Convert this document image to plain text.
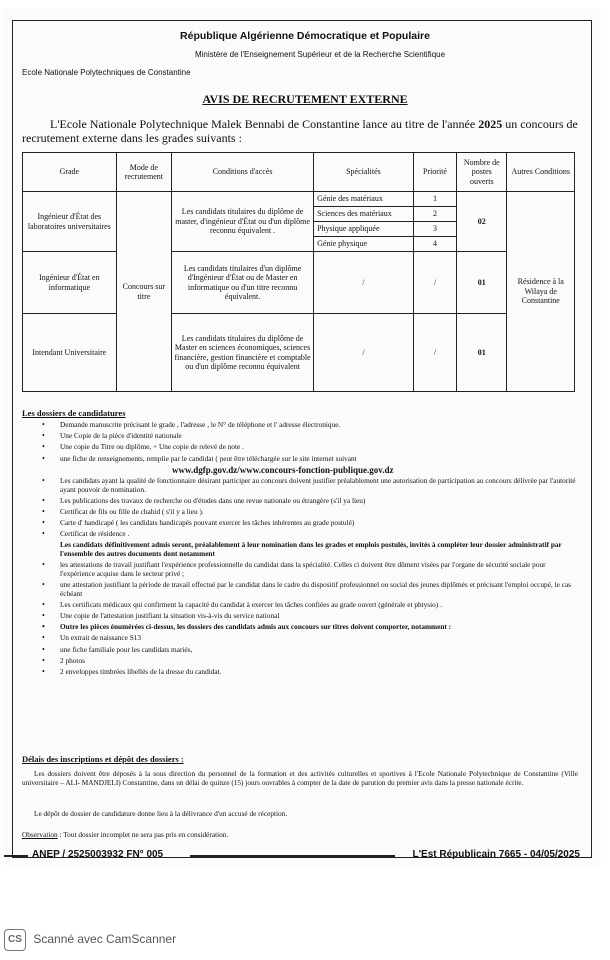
République Algérienne Démocratique et Populaire
Ministère de l'Enseignement Supérieur et de la Recherche Scientifique
Ecole Nationale Polytechniques de Constantine
AVIS DE RECRUTEMENT EXTERNE
L'Ecole Nationale Polytechnique Malek Bennabi de Constantine lance au titre de l'année 2025 un concours de recrutement externe dans les grades suivants :
Grade	Mode de recrutement	Conditions d'accès	Spécialités	Priorité	Nombre de postes ouverts	Autres Conditions
Ingénieur d'État des laboratoires universitaires	Concours sur titre	Les candidats titulaires du diplôme de master, d'ingénieur d'État ou d'un diplôme reconnu équivalent .	Génie des matériaux	1	02	Résidence à la Wilaya de Constantine
			Sciences des matériaux	2		
			Physique appliquée	3		
			Génie physique	4		
Ingénieur d'État en informatique		Les candidats titulaires d'un diplôme d'Ingénieur d'État ou de Master en informatique ou d'un titre reconnu équivalent.	/	/	01	
Intendant Universitaire		Les candidats titulaires du diplôme de Master en sciences économiques, sciences financière, gestion financière et comptable ou d'un diplôme reconnu équivalent	/	/	01	
Les dossiers de candidatures
• Demande manuscrite précisant le grade , l'adresse , le N° de téléphone et l' adresse électronique.
• Une Copie de la pièce d'identité nationale
• Une copie du Titre ou diplôme, + Une copie de relevé de note .
• une fiche de renseignements, remplie par le candidat ( peut être téléchargée sur le site internet suivant
www.dgfp.gov.dz/www.concours-fonction-publique.gov.dz
• Les candidats ayant la qualité de fonctionnaire désirant participer au concours doivent justifier préalablement une autorisation de participation au concours délivrée par l'autorité ayant pouvoir de nomination.
• Les publications des travaux de recherche ou d'études dans une revue nationale ou étrangère (s'il ya lieu)
• Certificat de fils ou fille de chahid ( s'il y a lieu ).
• Carte d' handicapé ( les candidats handicapés pouvant exercer les tâches inhérentes au grade postulé)
• Certificat de résidence .
Les candidats définitivement admis seront, préalablement à leur nomination dans les grades et emplois postulés, invités à compléter leur dossier administratif par l'ensemble des autres documents dont notamment
• les attestations de travail justifiant l'expérience professionnelle du candidat dans la spécialité. Celles ci doivent être dûment visées par l'organe de sécurité sociale pour l'expérience acquise dans le secteur privé ;
• une attestation justifiant la période de travail effectué par le candidat dans le cadre du dispositif professionnel ou social des jeunes diplômés et précisant l'emploi occupé, le cas échéant
• Les certificats médicaux qui confirment la capacité du candidat à exercer les tâches confiées au grade ouvert (générale et phtysio) .
• Une copie de l'attestation justifiant la situation vis-à-vis du service national
• Outre les pièces énumérées ci-dessus, les dossiers des candidats admis aux concours sur titres doivent comporter, notamment :
• Un extrait de naissance S13
• une fiche familiale pour les candidats mariés,
• 2 photos
• 2 enveloppes timbrées libellés de la dresse du candidat.
Délais des inscriptions et dépôt des dossiers :
Les dossiers doivent être déposés à la sous direction du personnel de la formation et des activités culturelles et sportives à l'Ecole Nationale Polytechnique de Constantine (Ville universitaire – ALI- MANDJELI) Constantine, dans un délai de quinze (15) jours ouvrables à compter de la date de parution du premier avis dans la presse nationale écrite.
Le dépôt de dossier de candidature donne lieu à la délivrance d'un accusé de réception.
Observation : Tout dossier incomplet ne sera pas pris en considération.
ANEP / 2525003932 FN° 005	L'Est Républicain 7665 - 04/05/2025
CS Scanné avec CamScanner
